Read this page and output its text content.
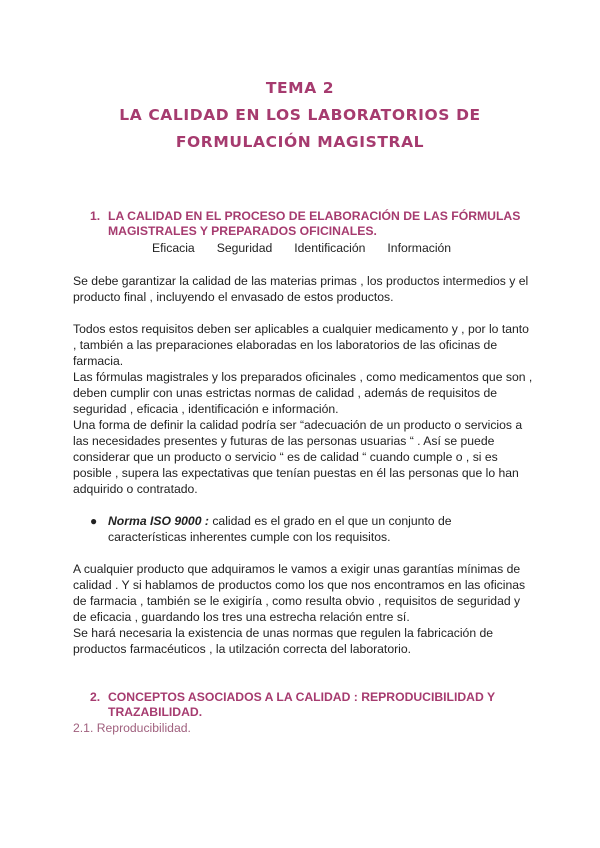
TEMA 2
LA CALIDAD EN LOS LABORATORIOS DE
FORMULACIÓN MAGISTRAL
1. LA CALIDAD EN EL PROCESO DE ELABORACIÓN DE LAS FÓRMULAS MAGISTRALES Y PREPARADOS OFICINALES.
Eficacia Seguridad Identificación Información

Se debe garantizar la calidad de las materias primas , los productos intermedios y el producto final , incluyendo el envasado de estos productos.

Todos estos requisitos deben ser aplicables a cualquier medicamento y , por lo tanto , también a las preparaciones elaboradas en los laboratorios de las oficinas de farmacia.

Las fórmulas magistrales y los preparados oficinales , como medicamentos que son , deben cumplir con unas estrictas normas de calidad , además de requisitos de seguridad , eficacia , identificación e información.

Una forma de definir la calidad podría ser “adecuación de un producto o servicios a las necesidades presentes y futuras de las personas usuarias “ . Así se puede considerar que un producto o servicio “ es de calidad “ cuando cumple o , si es posible , supera las expectativas que tenían puestas en él las personas que lo han adquirido o contratado.

● Norma ISO 9000 : calidad es el grado en el que un conjunto de características inherentes cumple con los requisitos.

A cualquier producto que adquiramos le vamos a exigir unas garantías mínimas de calidad . Y si hablamos de productos como los que nos encontramos en las oficinas de farmacia , también se le exigiría , como resulta obvio , requisitos de seguridad y de eficacia , guardando los tres una estrecha relación entre sí.

Se hará necesaria la existencia de unas normas que regulen la fabricación de productos farmacéuticos , la utilzación correcta del laboratorio.

2. CONCEPTOS ASOCIADOS A LA CALIDAD : REPRODUCIBILIDAD Y TRAZABILIDAD.
2.1. Reproducibilidad.
